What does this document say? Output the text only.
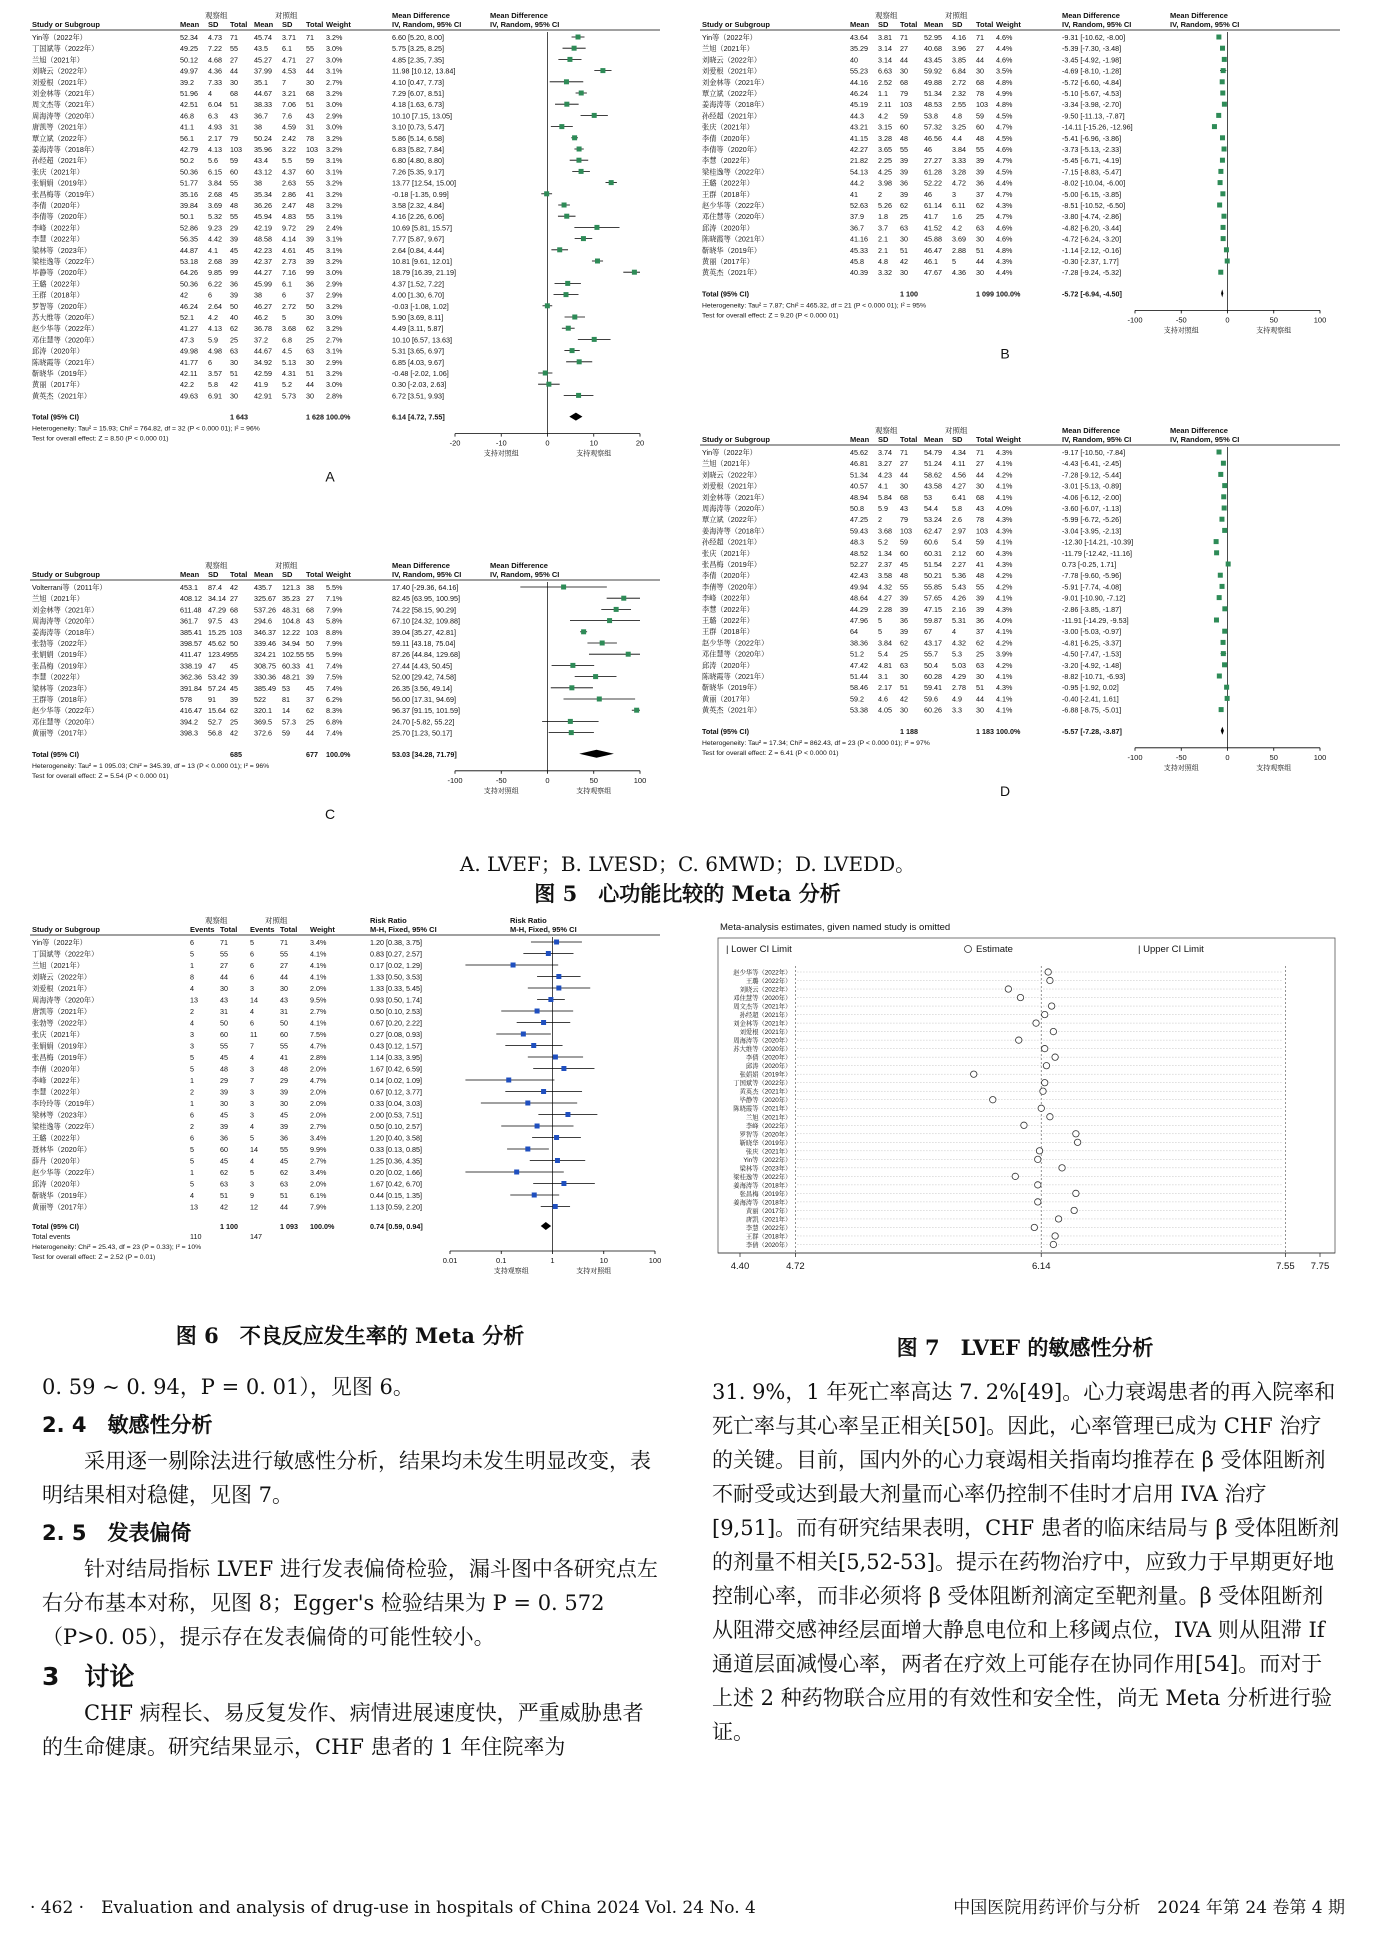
观察组	对照组	Mean Difference	Mean Difference
Study or Subgroup	Mean SD Total Mean SD Total Weight	IV, Random, 95% CI	IV, Random, 95% CI
Yin等（2022年）	52.34 4.73 71 45.74 3.71 71 3.2%	6.60 [5.20, 8.00]
丁国斌等（2022年）	49.25 7.22 55 43.5 6.1 55 3.0%	5.75 [3.25, 8.25]
兰旭（2021年）	50.12 4.68 27 45.27 4.71 27 3.0%	4.85 [2.35, 7.35]
刘晓云（2022年）	49.97 4.36 44 37.99 4.53 44 3.1%	11.98 [10.12, 13.84]
刘爱根（2021年）	39.2 7.33 30 35.1 7	30 2.7%	4.10 [0.47, 7.73]
刘金林等（2021年）	51.96 4	68 44.67 3.21 68 3.2%	7.29 [6.07, 8.51]
周文杰等（2021年）	42.51 6.04 51 38.33 7.06 51 3.0%	4.18 [1.63, 6.73]
周海涛等（2020年）	46.8 6.3 43 36.7 7.6 43 2.9%	10.10 [7.15, 13.05]
唐凯等（2021年）	41.1 4.93 31 38	4.59 31 3.0%	3.10 [0.73, 5.47]
覃立斌（2022年）	56.1 2.17 79 50.24 2.42 78 3.2%	5.86 [5.14, 6.58]
姜海涛等（2018年）	42.79 4.13 103 35.96 3.22 103 3.2%	6.83 [5.82, 7.84]
孙经超（2021年）	50.2 5.6 59 43.4 5.5 59 3.1%	6.80 [4.80, 8.80]
张庆（2021年）	50.36 6.15 60 43.12 4.37 60 3.1%	7.26 [5.35, 9.17]
张娟娟（2019年）	51.77 3.84 55 38	2.63 55 3.2%	13.77 [12.54, 15.00]
张昌梅等（2019年）	35.16 2.68 45 35.34 2.86 41 3.2%	-0.18 [-1.35, 0.99]
李倩（2020年）	39.84 3.69 48 36.26 2.47 48 3.2%	3.58 [2.32, 4.84]
李倩等（2020年）	50.1 5.32 55 45.94 4.83 55 3.1%	4.16 [2.26, 6.06]
李峰（2022年）	52.86 9.23 29 42.19 9.72 29 2.4%	10.69 [5.81, 15.57]
李慧（2022年）	56.35 4.42 39 48.58 4.14 39 3.1%	7.77 [5.87, 9.67]
梁林等（2023年）	44.87 4.1 45 42.23 4.61 45 3.1%	2.64 [0.84, 4.44]
梁桂逸等（2022年）	53.18 2.68 39 42.37 2.73 39 3.2%	10.81 [9.61, 12.01]
毕静等（2020年）	64.26 9.85 99 44.27 7.16 99 3.0%	18.79 [16.39, 21.19]
王璐（2022年）	50.36 6.22 36 45.99 6.1 36 2.9%	4.37 [1.52, 7.22]
王群（2018年）	42	6	39 38	6	37 2.9%	4.00 [1.30, 6.70]
罗智等（2020年）	46.24 2.64 50 46.27 2.72 50 3.2%	-0.03 [-1.08, 1.02]
苏大维等（2020年）	52.1 4.2 40 46.2 5	30 3.0%	5.90 [3.69, 8.11]
赵少华等（2022年）	41.27 4.13 62 36.78 3.68 62 3.2%	4.49 [3.11, 5.87]
邓住慧等（2020年）	47.3 5.9 25 37.2 6.8 25 2.7%	10.10 [6.57, 13.63]
邱涛（2020年）	49.98 4.98 63 44.67 4.5 63 3.1%	5.31 [3.65, 6.97]
陈晓霞等（2021年）	41.77 6	30 34.92 5.13 30 2.9%	6.85 [4.03, 9.67]
靳晓华（2019年）	42.11 3.57 51 42.59 4.31 51 3.2%	-0.48 [-2.02, 1.06]
黄丽（2017年）	42.2 5.8 42 41.9 5.2 44 3.0%	0.30 [-2.03, 2.63]
黄英杰（2021年）	49.63 6.91 30 42.91 5.73 30 2.8%	6.72 [3.51, 9.93]
Total (95% CI)	1 643	1 628 100.0%	6.14 [4.72, 7.55]
Heterogeneity: Tau² = 15.93; Chi² = 764.82, df = 32 (P < 0.000 01); I² = 96%
Test for overall effect: Z = 8.50 (P < 0.000 01)	-20	-10	0	10	20
支持对照组	支持观察组
A
观察组	对照组	Mean Difference	Mean Difference
Study or Subgroup	Mean SD Total Mean SD Total Weight	IV, Random, 95% CI	IV, Random, 95% CI
Yin等（2022年）	43.64 3.81 71 52.95 4.16 71 4.6%	-9.31 [-10.62, -8.00]
兰旭（2021年）	35.29 3.14 27 40.68 3.96 27 4.4%	-5.39 [-7.30, -3.48]
刘晓云（2022年）	40	3.14 44 43.45 3.85 44 4.6%	-3.45 [-4.92, -1.98]
刘爱根（2021年）	55.23 6.63 30 59.92 6.84 30 3.5%	-4.69 [-8.10, -1.28]
刘金林等（2021年）	44.16 2.52 68 49.88 2.72 68 4.8%	-5.72 [-6.60, -4.84]
覃立斌（2022年）	46.24 1.1 79 51.34 2.32 78 4.9%	-5.10 [-5.67, -4.53]
姜海涛等（2018年）	45.19 2.11 103 48.53 2.55 103 4.8%	-3.34 [-3.98, -2.70]
孙经超（2021年）	44.3 4.2 59 53.8 4.8 59 4.5%	-9.50 [-11.13, -7.87]
张庆（2021年）	43.21 3.15 60 57.32 3.25 60 4.7%	-14.11 [-15.26, -12.96]
李倩（2020年）	41.15 3.28 48 46.56 4.4 48 4.5%	-5.41 [-6.96, -3.86]
李倩等（2020年）	42.27 3.65 55 46	3.84 55 4.6%	-3.73 [-5.13, -2.33]
李慧（2022年）	21.82 2.25 39 27.27 3.33 39 4.7%	-5.45 [-6.71, -4.19]
梁桂逸等（2022年）	54.13 4.25 39 61.28 3.28 39 4.5%	-7.15 [-8.83, -5.47]
王璐（2022年）	44.2 3.98 36 52.22 4.72 36 4.4%	-8.02 [-10.04, -6.00]
王群（2018年）	41	2	39 46	3	37 4.7%	-5.00 [-6.15, -3.85]
赵少华等（2022年）	52.63 5.26 62 61.14 6.11 62 4.3%	-8.51 [-10.52, -6.50]
邓住慧等（2020年）	37.9 1.8 25 41.7 1.6 25 4.7%	-3.80 [-4.74, -2.86]
邱涛（2020年）	36.7 3.7 63 41.52 4.2 63 4.6%	-4.82 [-6.20, -3.44]
陈晓霞等（2021年）	41.16 2.1 30 45.88 3.69 30 4.6%	-4.72 [-6.24, -3.20]
靳晓华（2019年）	45.33 2.1 51 46.47 2.88 51 4.8%	-1.14 [-2.12, -0.16]
黄丽（2017年）	45.8 4.8 42 46.1 5	44 4.3%	-0.30 [-2.37, 1.77]
黄英杰（2021年）	40.39 3.32 30 47.67 4.36 30 4.4%	-7.28 [-9.24, -5.32]
Total (95% CI)	1 100	1 099 100.0%	-5.72 [-6.94, -4.50]
Heterogeneity: Tau² = 7.87; Chi² = 465.32, df = 21 (P < 0.000 01); I² = 95%
Test for overall effect: Z = 9.20 (P < 0.000 01)	-100	-50	0	50	100
支持对照组	支持观察组
B
观察组	对照组	Mean Difference	Mean Difference
Study or Subgroup	Mean SD Total Mean SD Total Weight	IV, Random, 95% CI	IV, Random, 95% CI
Volterrani等（2011年）	453.1 87.4 42 435.7 121.3 38 5.5%	17.40 [-29.36, 64.16]
兰旭（2021年）	408.12 34.14 27 325.67 35.23 27 7.1%	82.45 [63.95, 100.95]
刘金林等（2021年）	611.48 47.29 68 537.26 48.31 68 7.9%	74.22 [58.15, 90.29]
周海涛等（2020年）	361.7 97.5 43 294.6 104.8 43 5.8%	67.10 [24.32, 109.88]
姜海涛等（2018年）	385.41 15.25 103 346.37 12.22 103 8.8%	39.04 [35.27, 42.81]
张勃等（2022年）	398.57 45.62 50 339.46 34.94 50 7.9%	59.11 [43.18, 75.04]
张娟娟（2019年）	411.47 123.49 55 324.21 102.55 55 5.9%	87.26 [44.84, 129.68]
张昌梅（2019年）	338.19 47 45 308.75 60.33 41 7.4%	27.44 [4.43, 50.45]
李慧（2022年）	362.36 53.42 39 330.36 48.21 39 7.5%	52.00 [29.42, 74.58]
梁林等（2023年）	391.84 57.24 45 385.49 53 45 7.4%	26.35 [3.56, 49.14]
王群等（2018年）	578 91 39 522 81 37 6.2%	56.00 [17.31, 94.69]
赵少华等（2022年）	416.47 15.64 62 320.1 14 62 8.3%	96.37 [91.15, 101.59]
邓住慧等（2020年）	394.2 52.7 25 369.5 57.3 25 6.8%	24.70 [-5.82, 55.22]
黄丽等（2017年）	398.3 56.8 42 372.6 59 44 7.4%	25.70 [1.23, 50.17]
Total (95% CI)	685	677 100.0%	53.03 [34.28, 71.79]
Heterogeneity: Tau² = 1 095.03; Chi² = 345.39, df = 13 (P < 0.000 01); I² = 96%
Test for overall effect: Z = 5.54 (P < 0.000 01)	-100	-50	0	50	100
支持对照组	支持观察组
C
观察组	对照组	Mean Difference	Mean Difference
Study or Subgroup	Mean SD Total Mean SD Total Weight	IV, Random, 95% CI	IV, Random, 95% CI
Yin等（2022年）	45.62 3.74 71 54.79 4.34 71 4.3%	-9.17 [-10.50, -7.84]
兰旭（2021年）	46.81 3.27 27 51.24 4.11 27 4.1%	-4.43 [-6.41, -2.45]
刘晓云（2022年）	51.34 4.23 44 58.62 4.56 44 4.2%	-7.28 [-9.12, -5.44]
刘爱根（2021年）	40.57 4.1 30 43.58 4.27 30 4.1%	-3.01 [-5.13, -0.89]
刘金林等（2021年）	48.94 5.84 68 53	6.41 68 4.1%	-4.06 [-6.12, -2.00]
周海涛等（2020年）	50.8 5.9 43 54.4 5.8 43 4.0%	-3.60 [-6.07, -1.13]
覃立斌（2022年）	47.25 2	79 53.24 2.6 78 4.3%	-5.99 [-6.72, -5.26]
姜海涛等（2018年）	59.43 3.68 103 62.47 2.97 103 4.3%	-3.04 [-3.95, -2.13]
孙经超（2021年）	48.3 5.2 59 60.6 5.4 59 4.1%	-12.30 [-14.21, -10.39]
张庆（2021年）	48.52 1.34 60 60.31 2.12 60 4.3%	-11.79 [-12.42, -11.16]
张昌梅（2019年）	52.27 2.37 45 51.54 2.27 41 4.3%	0.73 [-0.25, 1.71]
李倩（2020年）	42.43 3.58 48 50.21 5.36 48 4.2%	-7.78 [-9.60, -5.96]
李倩等（2020年）	49.94 4.32 55 55.85 5.43 55 4.2%	-5.91 [-7.74, -4.08]
李峰（2022年）	48.64 4.27 39 57.65 4.26 39 4.1%	-9.01 [-10.90, -7.12]
李慧（2022年）	44.29 2.28 39 47.15 2.16 39 4.3%	-2.86 [-3.85, -1.87]
王璐（2022年）	47.96 5	36 59.87 5.31 36 4.0%	-11.91 [-14.29, -9.53]
王群（2018年）	64	5	39 67	4	37 4.1%	-3.00 [-5.03, -0.97]
赵少华等（2022年）	38.36 3.84 62 43.17 4.32 62 4.2%	-4.81 [-6.25, -3.37]
邓住慧等（2020年）	51.2 5.4 25 55.7 5.3 25 3.9%	-4.50 [-7.47, -1.53]
邱涛（2020年）	47.42 4.81 63 50.4 5.03 63 4.2%	-3.20 [-4.92, -1.48]
陈晓霞等（2021年）	51.44 3.1 30 60.28 4.29 30 4.1%	-8.82 [-10.71, -6.93]
靳晓华（2019年）	58.46 2.17 51 59.41 2.78 51 4.3%	-0.95 [-1.92, 0.02]
黄丽（2017年）	59.2 4.6 42 59.6 4.9 44 4.1%	-0.40 [-2.41, 1.61]
黄英杰（2021年）	53.38 4.05 30 60.26 3.3 30 4.1%	-6.88 [-8.75, -5.01]
Total (95% CI)	1 188	1 183 100.0%	-5.57 [-7.28, -3.87]
Heterogeneity: Tau² = 17.34; Chi² = 862.43, df = 23 (P < 0.000 01); I² = 97%
Test for overall effect: Z = 6.41 (P < 0.000 01)	-100	-50	0	50	100
支持对照组	支持观察组
D
A. LVEF；B. LVESD；C. 6MWD；D. LVEDD。
图 5　心功能比较的 Meta 分析
观察组	对照组	Risk Ratio	Risk Ratio
Study or Subgroup	Events Total Events Total Weight	M-H, Fixed, 95% CI	M-H, Fixed, 95% CI
Yin等（2022年）	6	71	5	71	3.4%	1.20 [0.38, 3.75]
丁国斌等（2022年）	5	55	6	55	4.1%	0.83 [0.27, 2.57]
兰旭（2021年）	1	27	6	27	4.1%	0.17 [0.02, 1.29]
刘晓云（2022年）	8	44	6	44	4.1%	1.33 [0.50, 3.53]
刘爱根（2021年）	4	30	3	30	2.0%	1.33 [0.33, 5.45]
周海涛等（2020年）	13	43	14	43	9.5%	0.93 [0.50, 1.74]
唐凯等（2021年）	2	31	4	31	2.7%	0.50 [0.10, 2.53]
张勃等（2022年）	4	50	6	50	4.1%	0.67 [0.20, 2.22]
张庆（2021年）	3	60	11	60	7.5%	0.27 [0.08, 0.93]
张娟娟（2019年）	3	55	7	55	4.7%	0.43 [0.12, 1.57]
张昌梅（2019年）	5	45	4	41	2.8%	1.14 [0.33, 3.95]
李倩（2020年）	5	48	3	48	2.0%	1.67 [0.42, 6.59]
李峰（2022年）	1	29	7	29	4.7%	0.14 [0.02, 1.09]
李慧（2022年）	2	39	3	39	2.0%	0.67 [0.12, 3.77]
李玲玲等（2019年）	1	30	3	30	2.0%	0.33 [0.04, 3.03]
梁林等（2023年）	6	45	3	45	2.0%	2.00 [0.53, 7.51]
梁桂逸等（2022年）	2	39	4	39	2.7%	0.50 [0.10, 2.57]
王璐（2022年）	6	36	5	36	3.4%	1.20 [0.40, 3.58]
聂林华（2020年）	5	60	14	55	9.9%	0.33 [0.13, 0.85]
薛丹（2020年）	5	45	4	45	2.7%	1.25 [0.36, 4.35]
赵少华等（2022年）	1	62	5	62	3.4%	0.20 [0.02, 1.66]
邱涛（2020年）	5	63	3	63	2.0%	1.67 [0.42, 6.70]
靳晓华（2019年）	4	51	9	51	6.1%	0.44 [0.15, 1.35]
黄丽等（2017年）	13	42	12	44	7.9%	1.13 [0.59, 2.20]
Total (95% CI)	1 100	1 093 100.0%	0.74 [0.59, 0.94]
Total events	110	147
Heterogeneity: Chi² = 25.43, df = 23 (P = 0.33); I² = 10%
Test for overall effect: Z = 2.52 (P = 0.01)	0.01	0.1	1	10	100
支持观察组	支持对照组
Meta-analysis estimates, given named study is omitted
| Lower CI Limit	Estimate	| Upper CI Limit
赵少华等（2022年）
王璐（2022年）
刘晓云（2022年）
邓住慧等（2020年）
周文杰等（2021年）
孙经超（2021年）
刘金林等（2021年）
刘爱根（2021年）
周海涛等（2020年）
苏大维等（2020年）
李倩（2020年）
邱涛（2020年）
张娟娟（2019年）
丁国斌等（2022年）
黄英杰（2021年）
毕静等（2020年）
陈晓霞等（2021年）
兰旭（2021年）
李峰（2022年）
罗智等（2020年）
靳晓华（2019年）
张庆（2021年）
Yin等（2022年）
梁林等（2023年）
梁桂逸等（2022年）
姜海涛等（2018年）
张昌梅（2019年）
姜海涛等（2018年）
黄丽（2017年）
唐凯（2021年）
李慧（2022年）
王群（2018年）
李倩（2020年）
4.40	4.72	6.14	7.55 7.75
图 6　不良反应发生率的 Meta 分析	图 7　LVEF 的敏感性分析

0. 59 ~ 0. 94，P = 0. 01），见图 6。

2. 4　敏感性分析

采用逐一剔除法进行敏感性分析，结果均未发生明显改变，表明结果相对稳健，见图 7。

2. 5　发表偏倚

针对结局指标 LVEF 进行发表偏倚检验，漏斗图中各研究点左右分布基本对称，见图 8；Egger's 检验结果为 P = 0. 572（P>0. 05），提示存在发表偏倚的可能性较小。

3　讨论

CHF 病程长、易反复发作、病情进展速度快，严重威胁患者的生命健康。研究结果显示，CHF 患者的 1 年住院率为

31. 9%，1 年死亡率高达 7. 2%[49]。心力衰竭患者的再入院率和死亡率与其心率呈正相关[50]。因此，心率管理已成为 CHF 治疗的关键。目前，国内外的心力衰竭相关指南均推荐在 β 受体阻断剂不耐受或达到最大剂量而心率仍控制不佳时才启用 IVA 治疗[9,51]。而有研究结果表明，CHF 患者的临床结局与 β 受体阻断剂的剂量不相关[5,52-53]。提示在药物治疗中，应致力于早期更好地控制心率，而非必须将 β 受体阻断剂滴定至靶剂量。β 受体阻断剂从阻滞交感神经层面增大静息电位和上移阈点位，IVA 则从阻滞 If 通道层面减慢心率，两者在疗效上可能存在协同作用[54]。而对于上述 2 种药物联合应用的有效性和安全性，尚无 Meta 分析进行验证。

· 462 ·　Evaluation and analysis of drug-use in hospitals of China 2024 Vol. 24 No. 4	中国医院用药评价与分析　2024 年第 24 卷第 4 期
